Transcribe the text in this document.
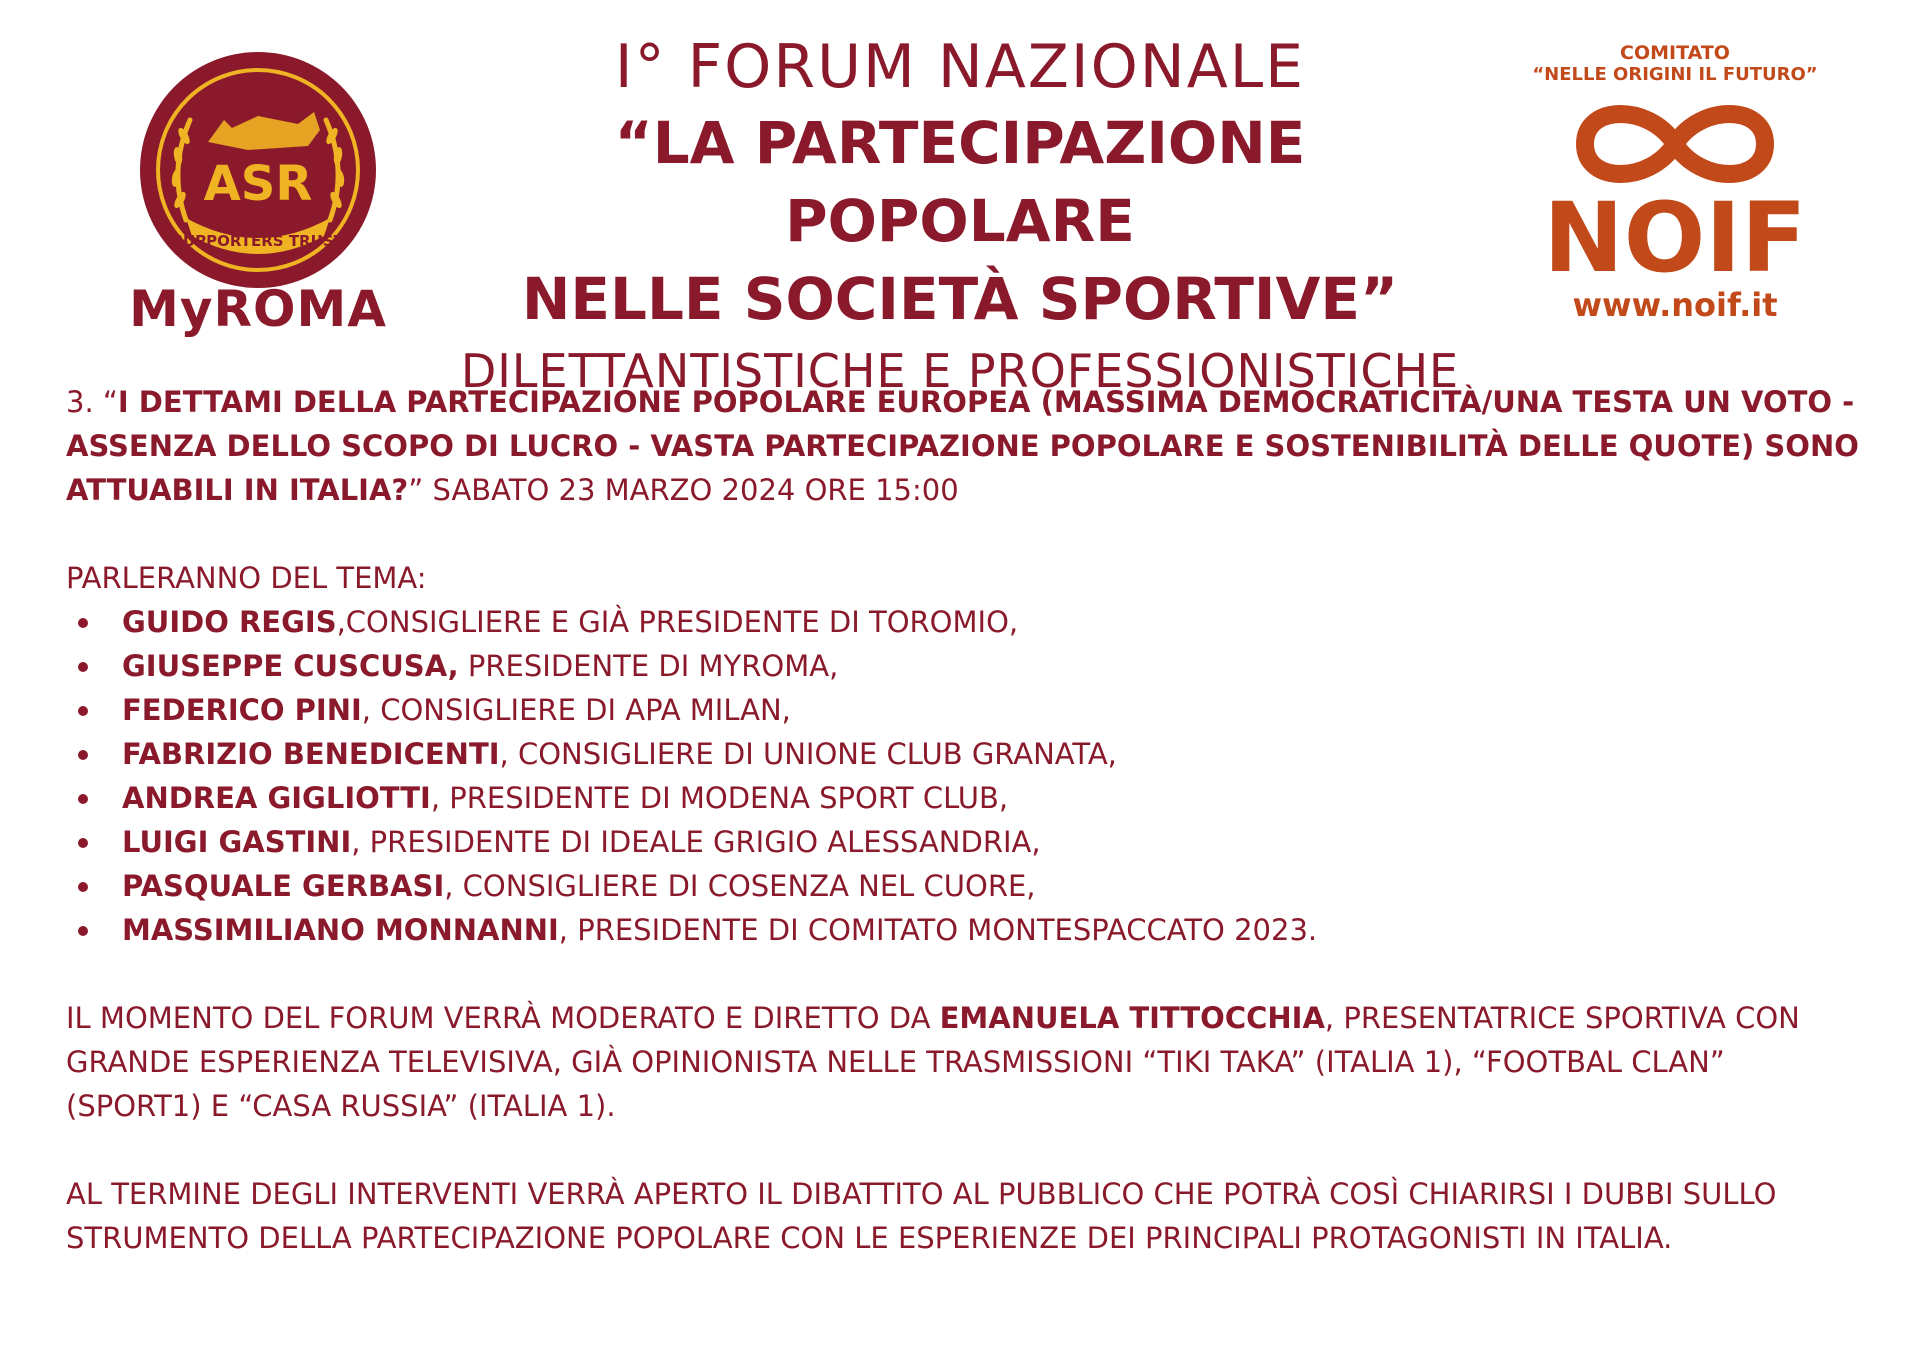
ASR
SUPPORTERS TRUST
MyROMA
I° FORUM NAZIONALE
“LA PARTECIPAZIONE POPOLARE
NELLE SOCIETÀ SPORTIVE”
DILETTANTISTICHE E PROFESSIONISTICHE
COMITATO
“NELLE ORIGINI IL FUTURO”
NOIF
www.noif.it

3. “I DETTAMI DELLA PARTECIPAZIONE POPOLARE EUROPEA (MASSIMA DEMOCRATICITÀ/UNA TESTA UN VOTO - ASSENZA DELLO SCOPO DI LUCRO - VASTA PARTECIPAZIONE POPOLARE E SOSTENIBILITÀ DELLE QUOTE) SONO ATTUABILI IN ITALIA?” SABATO 23 MARZO 2024 ORE 15:00

PARLERANNO DEL TEMA:

GUIDO REGIS,CONSIGLIERE E GIÀ PRESIDENTE DI TOROMIO,
GIUSEPPE CUSCUSA, PRESIDENTE DI MYROMA,
FEDERICO PINI, CONSIGLIERE DI APA MILAN,
FABRIZIO BENEDICENTI, CONSIGLIERE DI UNIONE CLUB GRANATA,
ANDREA GIGLIOTTI, PRESIDENTE DI MODENA SPORT CLUB,
LUIGI GASTINI, PRESIDENTE DI IDEALE GRIGIO ALESSANDRIA,
PASQUALE GERBASI, CONSIGLIERE DI COSENZA NEL CUORE,
MASSIMILIANO MONNANNI, PRESIDENTE DI COMITATO MONTESPACCATO 2023.

IL MOMENTO DEL FORUM VERRÀ MODERATO E DIRETTO DA EMANUELA TITTOCCHIA, PRESENTATRICE SPORTIVA CON GRANDE ESPERIENZA TELEVISIVA, GIÀ OPINIONISTA NELLE TRASMISSIONI “TIKI TAKA” (ITALIA 1), “FOOTBAL CLAN” (SPORT1) E “CASA RUSSIA” (ITALIA 1).

AL TERMINE DEGLI INTERVENTI VERRÀ APERTO IL DIBATTITO AL PUBBLICO CHE POTRÀ COSÌ CHIARIRSI I DUBBI SULLO STRUMENTO DELLA PARTECIPAZIONE POPOLARE CON LE ESPERIENZE DEI PRINCIPALI PROTAGONISTI IN ITALIA.
